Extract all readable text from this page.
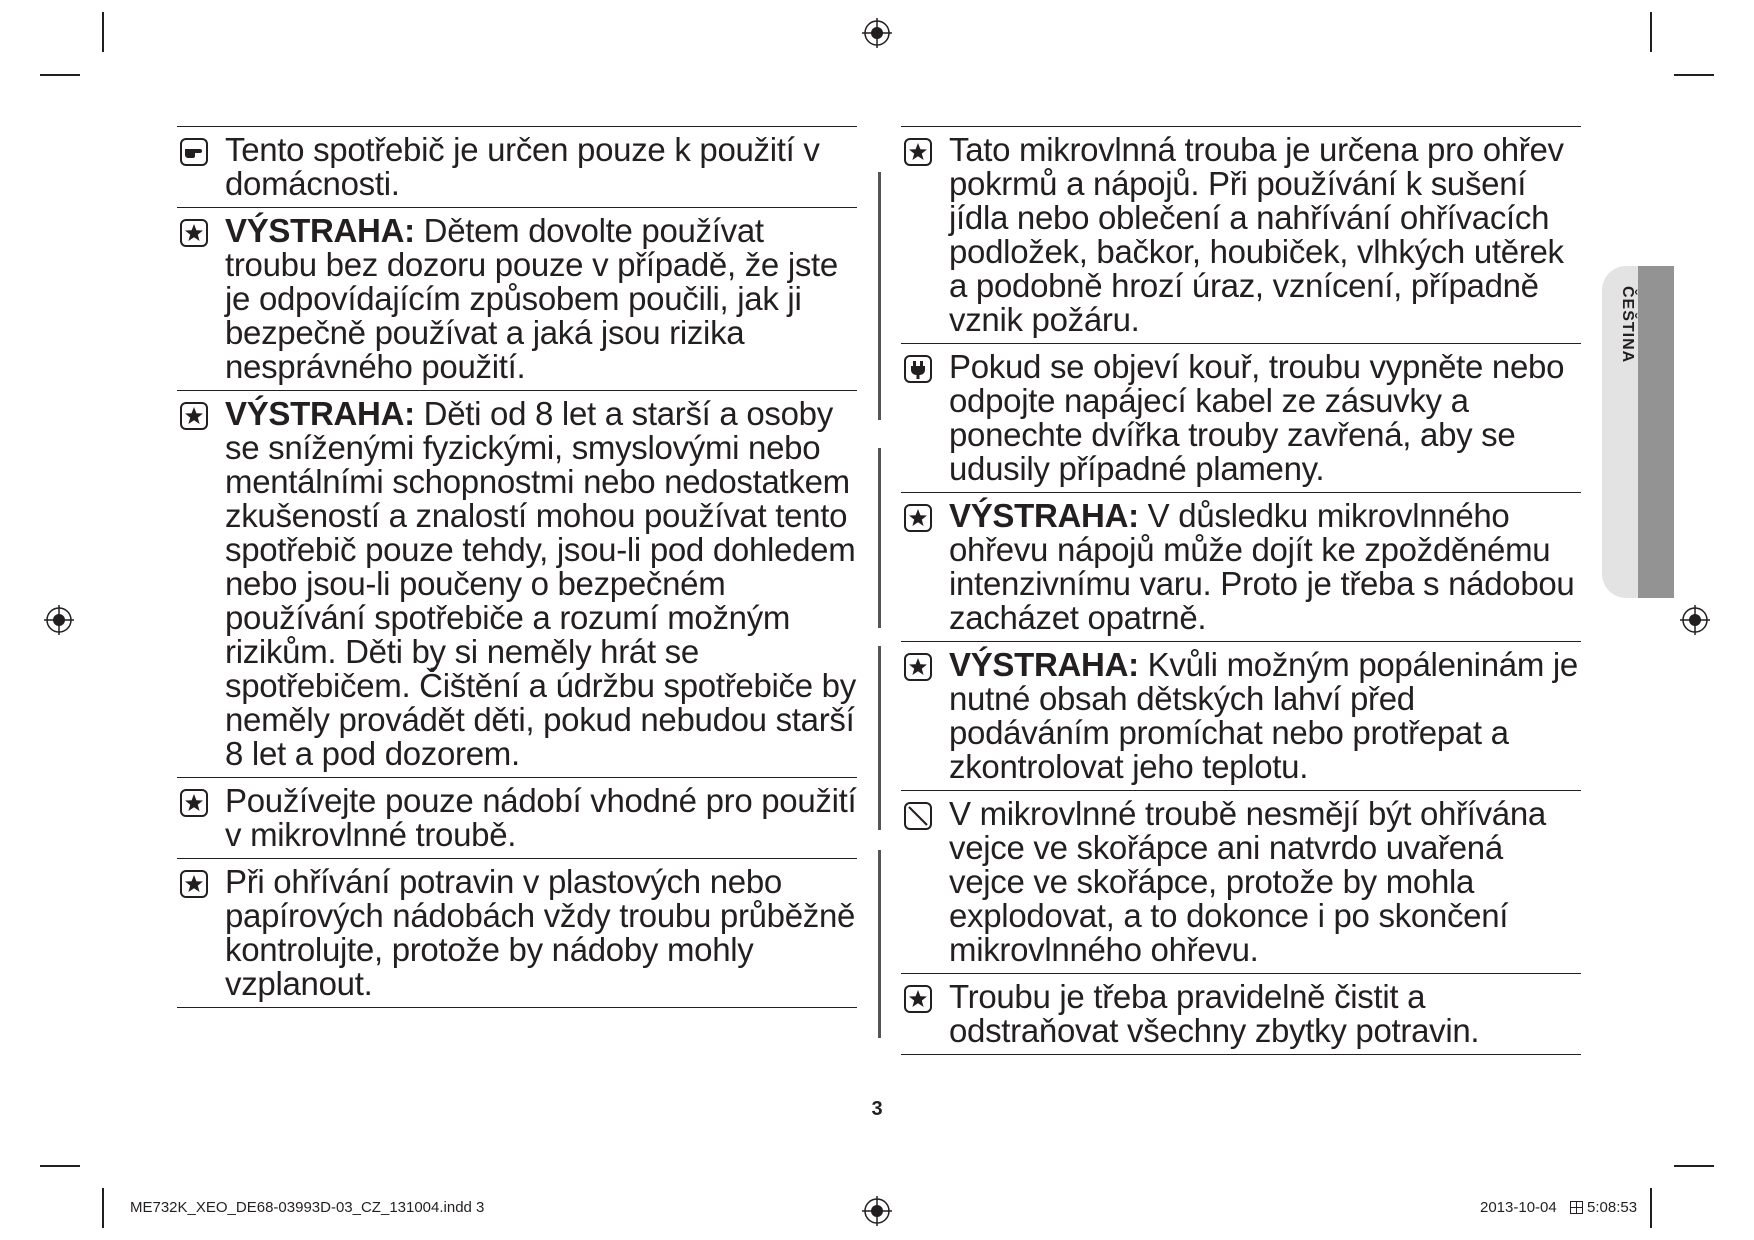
ČEŠTINA
Tento spotřebič je určen pouze k použití v domácnosti.
VÝSTRAHA: Dětem dovolte používat troubu bez dozoru pouze v případě, že jste je odpovídajícím způsobem poučili, jak ji bezpečně používat a jaká jsou rizika nesprávného použití.
VÝSTRAHA: Děti od 8 let a starší a osoby se sníženými fyzickými, smyslovými nebo mentálními schopnostmi nebo nedostatkem zkušeností a znalostí mohou používat tento spotřebič pouze tehdy, jsou-li pod dohledem nebo jsou-li poučeny o bezpečném používání spotřebiče a rozumí možným rizikům. Děti by si neměly hrát se spotřebičem. Čištění a údržbu spotřebiče by neměly provádět děti, pokud nebudou starší 8 let a pod dozorem.
Používejte pouze nádobí vhodné pro použití v mikrovlnné troubě.
Při ohřívání potravin v plastových nebo papírových nádobách vždy troubu průběžně kontrolujte, protože by nádoby mohly vzplanout.
Tato mikrovlnná trouba je určena pro ohřev pokrmů a nápojů. Při používání k sušení jídla nebo oblečení a nahřívání ohřívacích podložek, bačkor, houbiček, vlhkých utěrek a podobně hrozí úraz, vznícení, případně vznik požáru.
Pokud se objeví kouř, troubu vypněte nebo odpojte napájecí kabel ze zásuvky a ponechte dvířka trouby zavřená, aby se udusily případné plameny.
VÝSTRAHA: V důsledku mikrovlnného ohřevu nápojů může dojít ke zpožděnému intenzivnímu varu. Proto je třeba s nádobou zacházet opatrně.
VÝSTRAHA: Kvůli možným popáleninám je nutné obsah dětských lahví před podáváním promíchat nebo protřepat a zkontrolovat jeho teplotu.
V mikrovlnné troubě nesmějí být ohřívána vejce ve skořápce ani natvrdo uvařená vejce ve skořápce, protože by mohla explodovat, a to dokonce i po skončení mikrovlnného ohřevu.
Troubu je třeba pravidelně čistit a odstraňovat všechny zbytky potravin.
3
ME732K_XEO_DE68-03993D-03_CZ_131004.indd 3	2013-10-04 5:08:53
